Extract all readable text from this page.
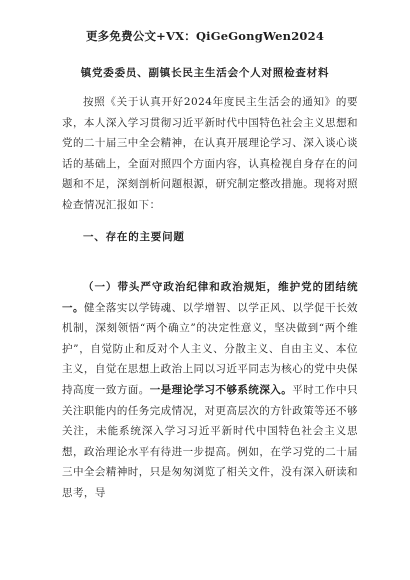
更多免费公文+VX：QiGeGongWen2024
镇党委委员、副镇长民主生活会个人对照检查材料

按照《关于认真开好2024年度民主生活会的通知》的要求，本人深入学习贯彻习近平新时代中国特色社会主义思想和党的二十届三中全会精神，在认真开展理论学习、深入谈心谈话的基础上，全面对照四个方面内容，认真检视自身存在的问题和不足，深刻剖析问题根源，研究制定整改措施。现将对照检查情况汇报如下：

一、存在的主要问题

（一）带头严守政治纪律和政治规矩，维护党的团结统一。健全落实以学铸魂、以学增智、以学正风、以学促干长效机制，深刻领悟“两个确立”的决定性意义，坚决做到“两个维护”，自觉防止和反对个人主义、分散主义、自由主义、本位主义，自觉在思想上政治上同以习近平同志为核心的党中央保持高度一致方面。一是理论学习不够系统深入。平时工作中只关注职能内的任务完成情况，对更高层次的方针政策等还不够关注，未能系统深入学习习近平新时代中国特色社会主义思想，政治理论水平有待进一步提高。例如，在学习党的二十届三中全会精神时，只是匆匆浏览了相关文件，没有深入研读和思考，导
